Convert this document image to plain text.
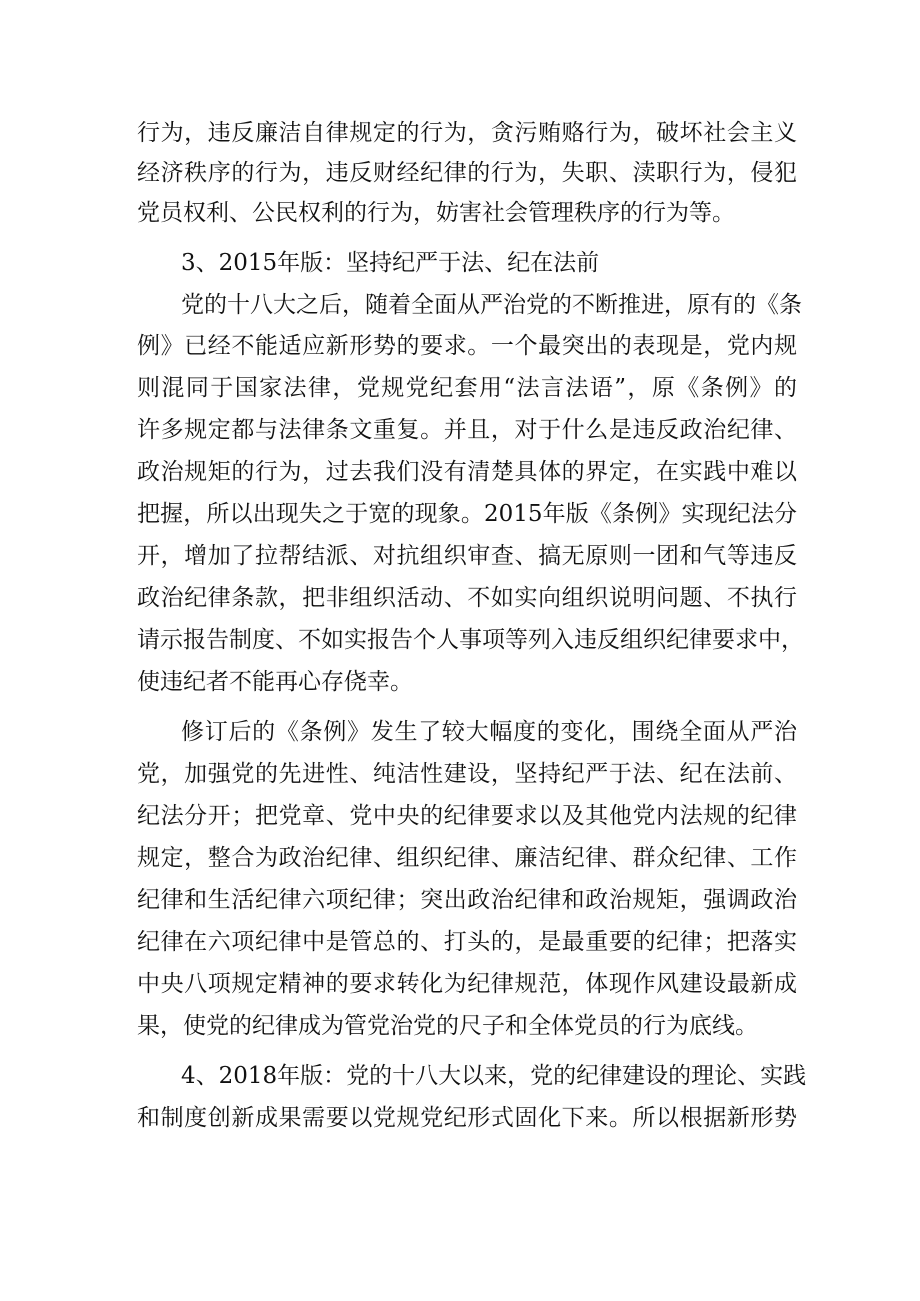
行为，违反廉洁自律规定的行为，贪污贿赂行为，破坏社会主义
经济秩序的行为，违反财经纪律的行为，失职、渎职行为，侵犯
党员权利、公民权利的行为，妨害社会管理秩序的行为等。
3、2015年版：坚持纪严于法、纪在法前
党的十八大之后，随着全面从严治党的不断推进，原有的《条
例》已经不能适应新形势的要求。一个最突出的表现是，党内规
则混同于国家法律，党规党纪套用“法言法语”，原《条例》的
许多规定都与法律条文重复。并且，对于什么是违反政治纪律、
政治规矩的行为，过去我们没有清楚具体的界定，在实践中难以
把握，所以出现失之于宽的现象。2015年版《条例》实现纪法分
开，增加了拉帮结派、对抗组织审查、搞无原则一团和气等违反
政治纪律条款，把非组织活动、不如实向组织说明问题、不执行
请示报告制度、不如实报告个人事项等列入违反组织纪律要求中，
使违纪者不能再心存侥幸。
修订后的《条例》发生了较大幅度的变化，围绕全面从严治
党，加强党的先进性、纯洁性建设，坚持纪严于法、纪在法前、
纪法分开；把党章、党中央的纪律要求以及其他党内法规的纪律
规定，整合为政治纪律、组织纪律、廉洁纪律、群众纪律、工作
纪律和生活纪律六项纪律；突出政治纪律和政治规矩，强调政治
纪律在六项纪律中是管总的、打头的，是最重要的纪律；把落实
中央八项规定精神的要求转化为纪律规范，体现作风建设最新成
果，使党的纪律成为管党治党的尺子和全体党员的行为底线。
4、2018年版：党的十八大以来，党的纪律建设的理论、实践
和制度创新成果需要以党规党纪形式固化下来。所以根据新形势
